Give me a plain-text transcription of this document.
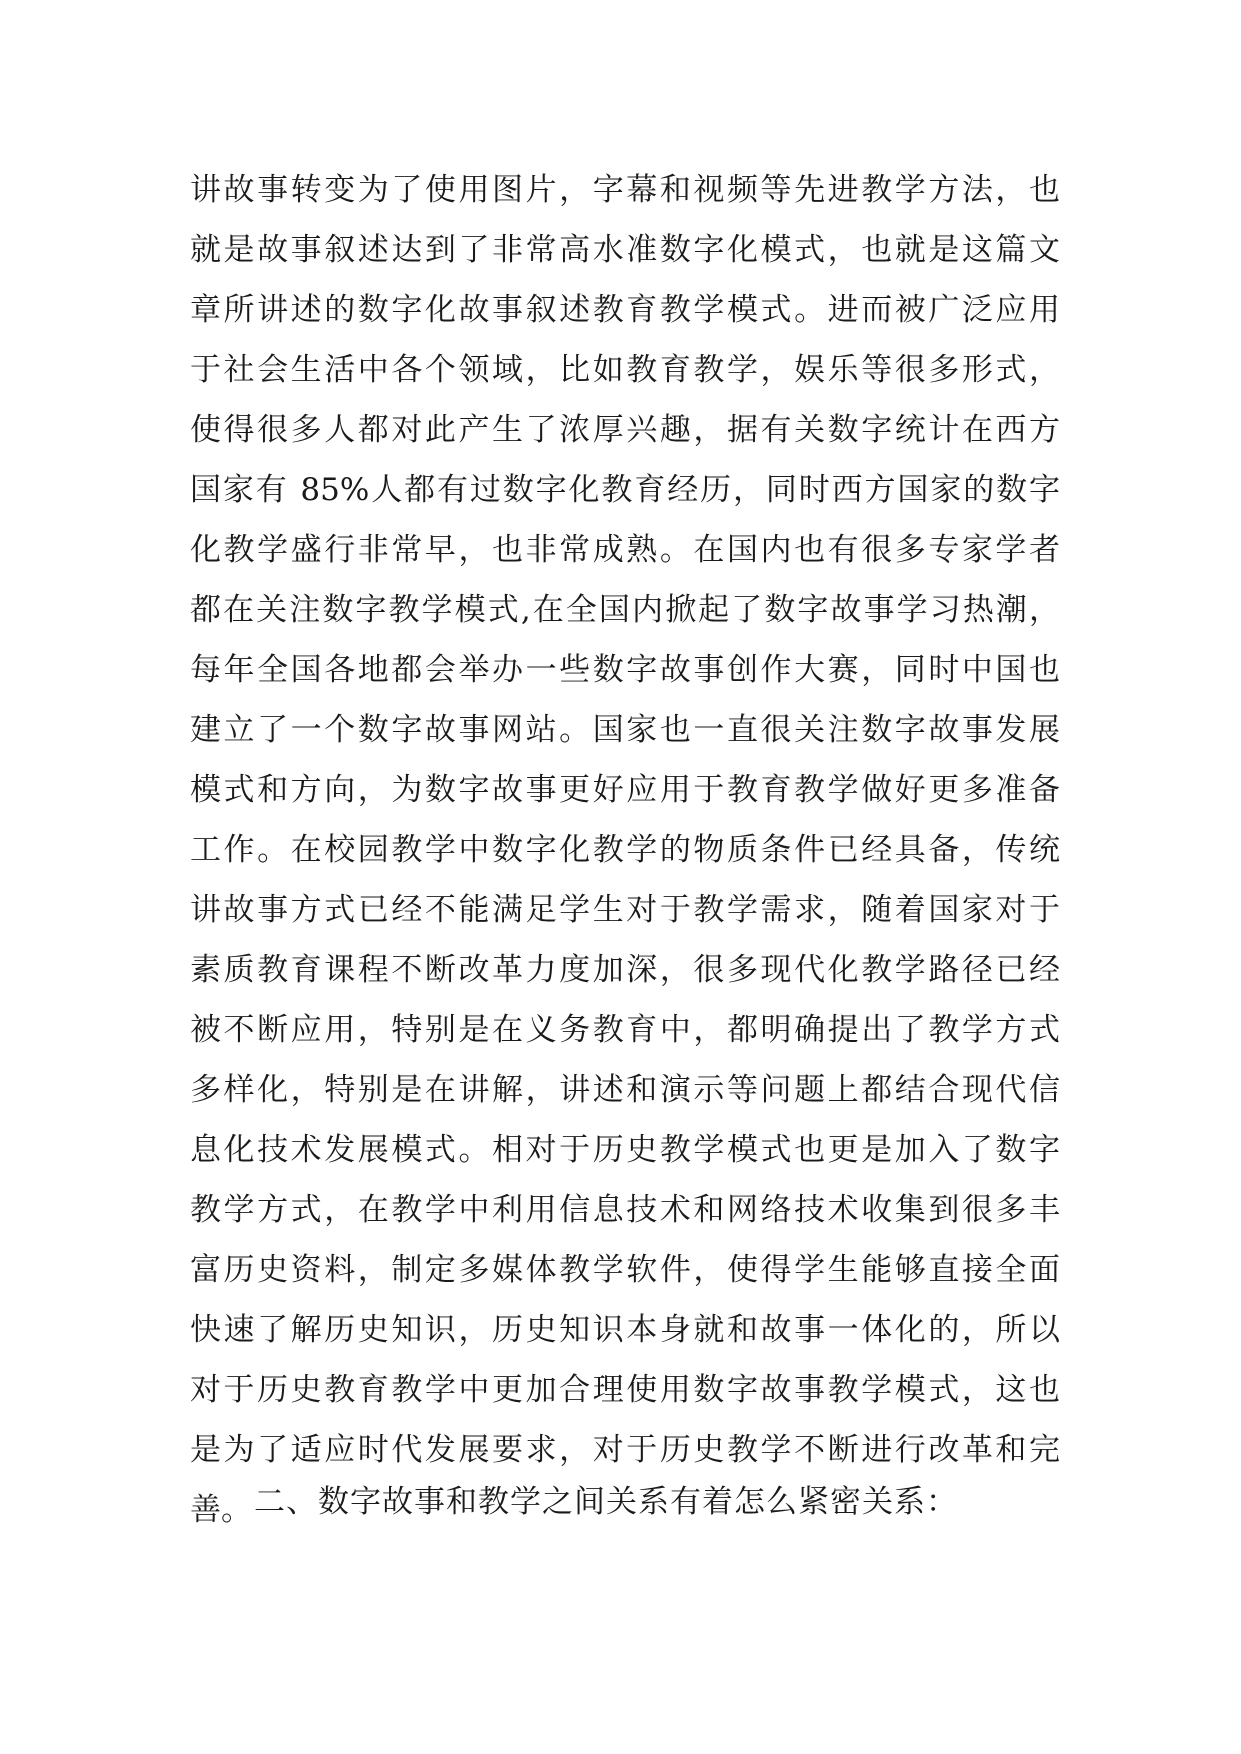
讲故事转变为了使用图片，字幕和视频等先进教学方法，也
就是故事叙述达到了非常高水准数字化模式，也就是这篇文
章所讲述的数字化故事叙述教育教学模式。进而被广泛应用
于社会生活中各个领域，比如教育教学，娱乐等很多形式，
使得很多人都对此产生了浓厚兴趣，据有关数字统计在西方
国家有 85%人都有过数字化教育经历，同时西方国家的数字
化教学盛行非常早，也非常成熟。在国内也有很多专家学者
都在关注数字教学模式,在全国内掀起了数字故事学习热潮，
每年全国各地都会举办一些数字故事创作大赛，同时中国也
建立了一个数字故事网站。国家也一直很关注数字故事发展
模式和方向，为数字故事更好应用于教育教学做好更多准备
工作。在校园教学中数字化教学的物质条件已经具备，传统
讲故事方式已经不能满足学生对于教学需求，随着国家对于
素质教育课程不断改革力度加深，很多现代化教学路径已经
被不断应用，特别是在义务教育中，都明确提出了教学方式
多样化，特别是在讲解，讲述和演示等问题上都结合现代信
息化技术发展模式。相对于历史教学模式也更是加入了数字
教学方式，在教学中利用信息技术和网络技术收集到很多丰
富历史资料，制定多媒体教学软件，使得学生能够直接全面
快速了解历史知识，历史知识本身就和故事一体化的，所以
对于历史教育教学中更加合理使用数字故事教学模式，这也
是为了适应时代发展要求，对于历史教学不断进行改革和完
善。 二、数字故事和教学之间关系有着怎么紧密关系：
